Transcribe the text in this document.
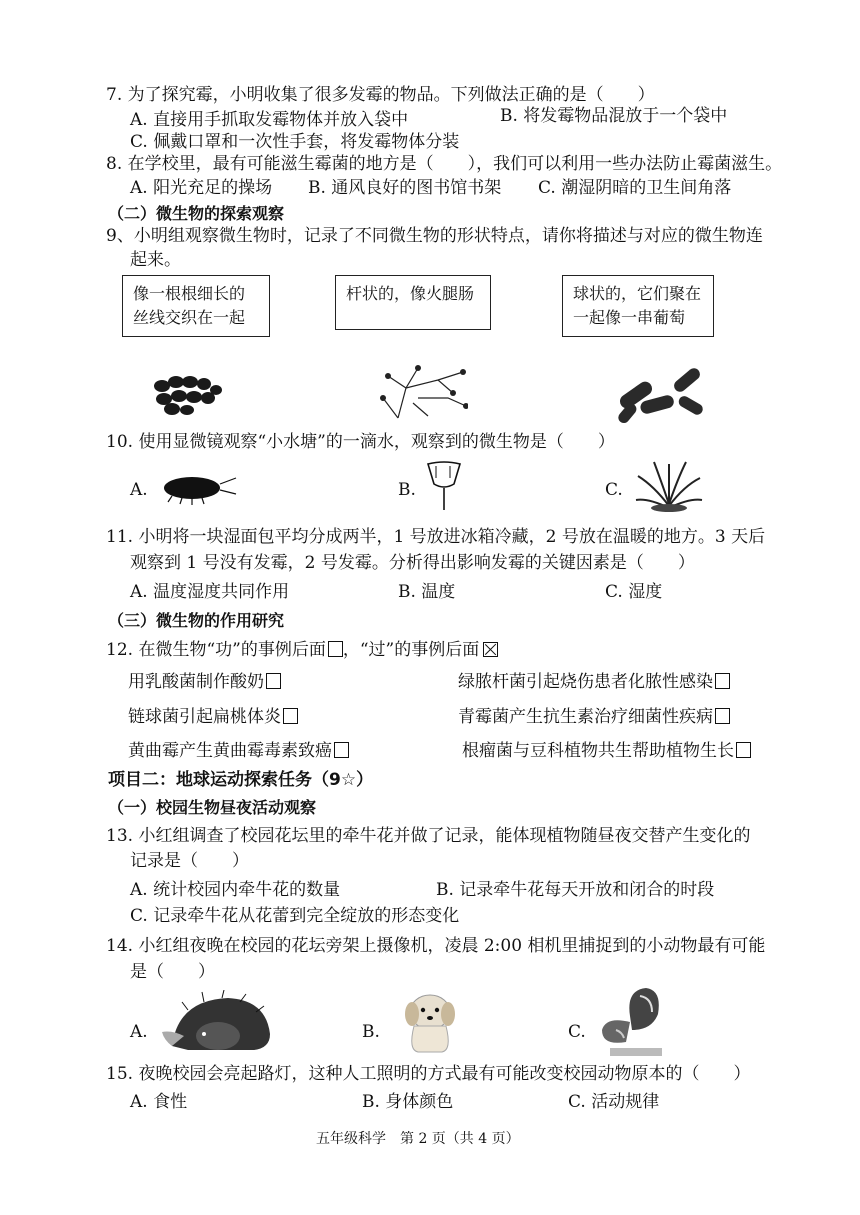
7. 为了探究霉，小明收集了很多发霉的物品。下列做法正确的是（　　）
A. 直接用手抓取发霉物体并放入袋中	B. 将发霉物品混放于一个袋中
C. 佩戴口罩和一次性手套，将发霉物体分装
8. 在学校里，最有可能滋生霉菌的地方是（　　），我们可以利用一些办法防止霉菌滋生。
A. 阳光充足的操场 B. 通风良好的图书馆书架 C. 潮湿阴暗的卫生间角落
（二）微生物的探索观察
9、小明组观察微生物时，记录了不同微生物的形状特点，请你将描述与对应的微生物连
起来。
像一根根细长的丝线交织在一起
杆状的，像火腿肠	球状的，它们聚在一起像一串葡萄
10. 使用显微镜观察“小水塘”的一滴水，观察到的微生物是（　　）
A.	B.	C.
11. 小明将一块湿面包平均分成两半，1 号放进冰箱冷藏，2 号放在温暖的地方。3 天后
观察到 1 号没有发霉，2 号发霉。分析得出影响发霉的关键因素是（　　）
A. 温度湿度共同作用	B. 温度	C. 湿度
（三）微生物的作用研究
12. 在微生物“功”的事例后面 ，“过”的事例后面
用乳酸菌制作酸奶	绿脓杆菌引起烧伤患者化脓性感染
链球菌引起扁桃体炎	青霉菌产生抗生素治疗细菌性疾病
黄曲霉产生黄曲霉毒素致癌	根瘤菌与豆科植物共生帮助植物生长
项目二：地球运动探索任务（9☆）
（一）校园生物昼夜活动观察
13. 小红组调查了校园花坛里的牵牛花并做了记录，能体现植物随昼夜交替产生变化的
记录是（　　）
A. 统计校园内牵牛花的数量	B. 记录牵牛花每天开放和闭合的时段
C. 记录牵牛花从花蕾到完全绽放的形态变化
14. 小红组夜晚在校园的花坛旁架上摄像机，凌晨 2:00 相机里捕捉到的小动物最有可能
是（　　）
A.	B.	C.
15. 夜晚校园会亮起路灯，这种人工照明的方式最有可能改变校园动物原本的（　　）
A. 食性	B. 身体颜色	C. 活动规律
五年级科学　第 2 页（共 4 页）
